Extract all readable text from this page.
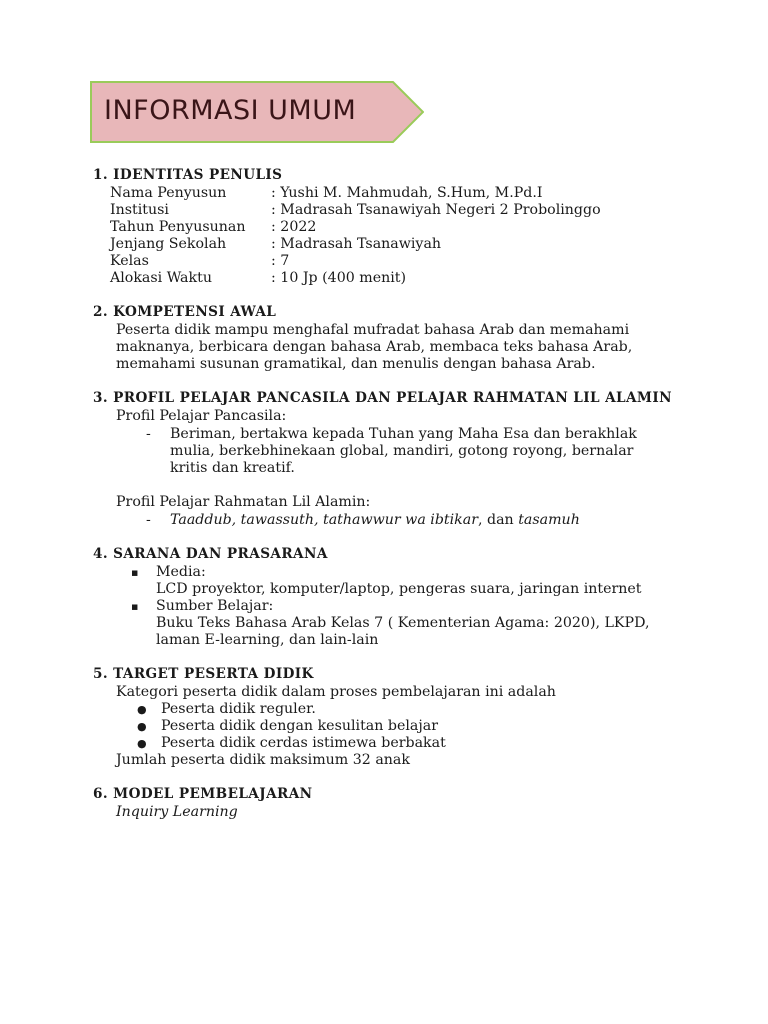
INFORMASI UMUM
1. IDENTITAS PENULIS
Nama Penyusun	: Yushi M. Mahmudah, S.Hum, M.Pd.I
Institusi	: Madrasah Tsanawiyah Negeri 2 Probolinggo
Tahun Penyusunan : 2022
Jenjang Sekolah	: Madrasah Tsanawiyah
Kelas	: 7
Alokasi Waktu	: 10 Jp (400 menit)
2. KOMPETENSI AWAL
Peserta didik mampu menghafal mufradat bahasa Arab dan memahami
maknanya, berbicara dengan bahasa Arab, membaca teks bahasa Arab,
memahami susunan gramatikal, dan menulis dengan bahasa Arab.
3. PROFIL PELAJAR PANCASILA DAN PELAJAR RAHMATAN LIL ALAMIN
Profil Pelajar Pancasila:
- Beriman, bertakwa kepada Tuhan yang Maha Esa dan berakhlak
mulia, berkebhinekaan global, mandiri, gotong royong, bernalar
kritis dan kreatif.
Profil Pelajar Rahmatan Lil Alamin:
- Taaddub, tawassuth, tathawwur wa ibtikar, dan tasamuh
4. SARANA DAN PRASARANA
▪ Media:
LCD proyektor, komputer/laptop, pengeras suara, jaringan internet
▪ Sumber Belajar:
Buku Teks Bahasa Arab Kelas 7 ( Kementerian Agama: 2020), LKPD,
laman E-learning, dan lain-lain
5. TARGET PESERTA DIDIK
Kategori peserta didik dalam proses pembelajaran ini adalah
● Peserta didik reguler.
● Peserta didik dengan kesulitan belajar
● Peserta didik cerdas istimewa berbakat
Jumlah peserta didik maksimum 32 anak
6. MODEL PEMBELAJARAN
Inquiry Learning
